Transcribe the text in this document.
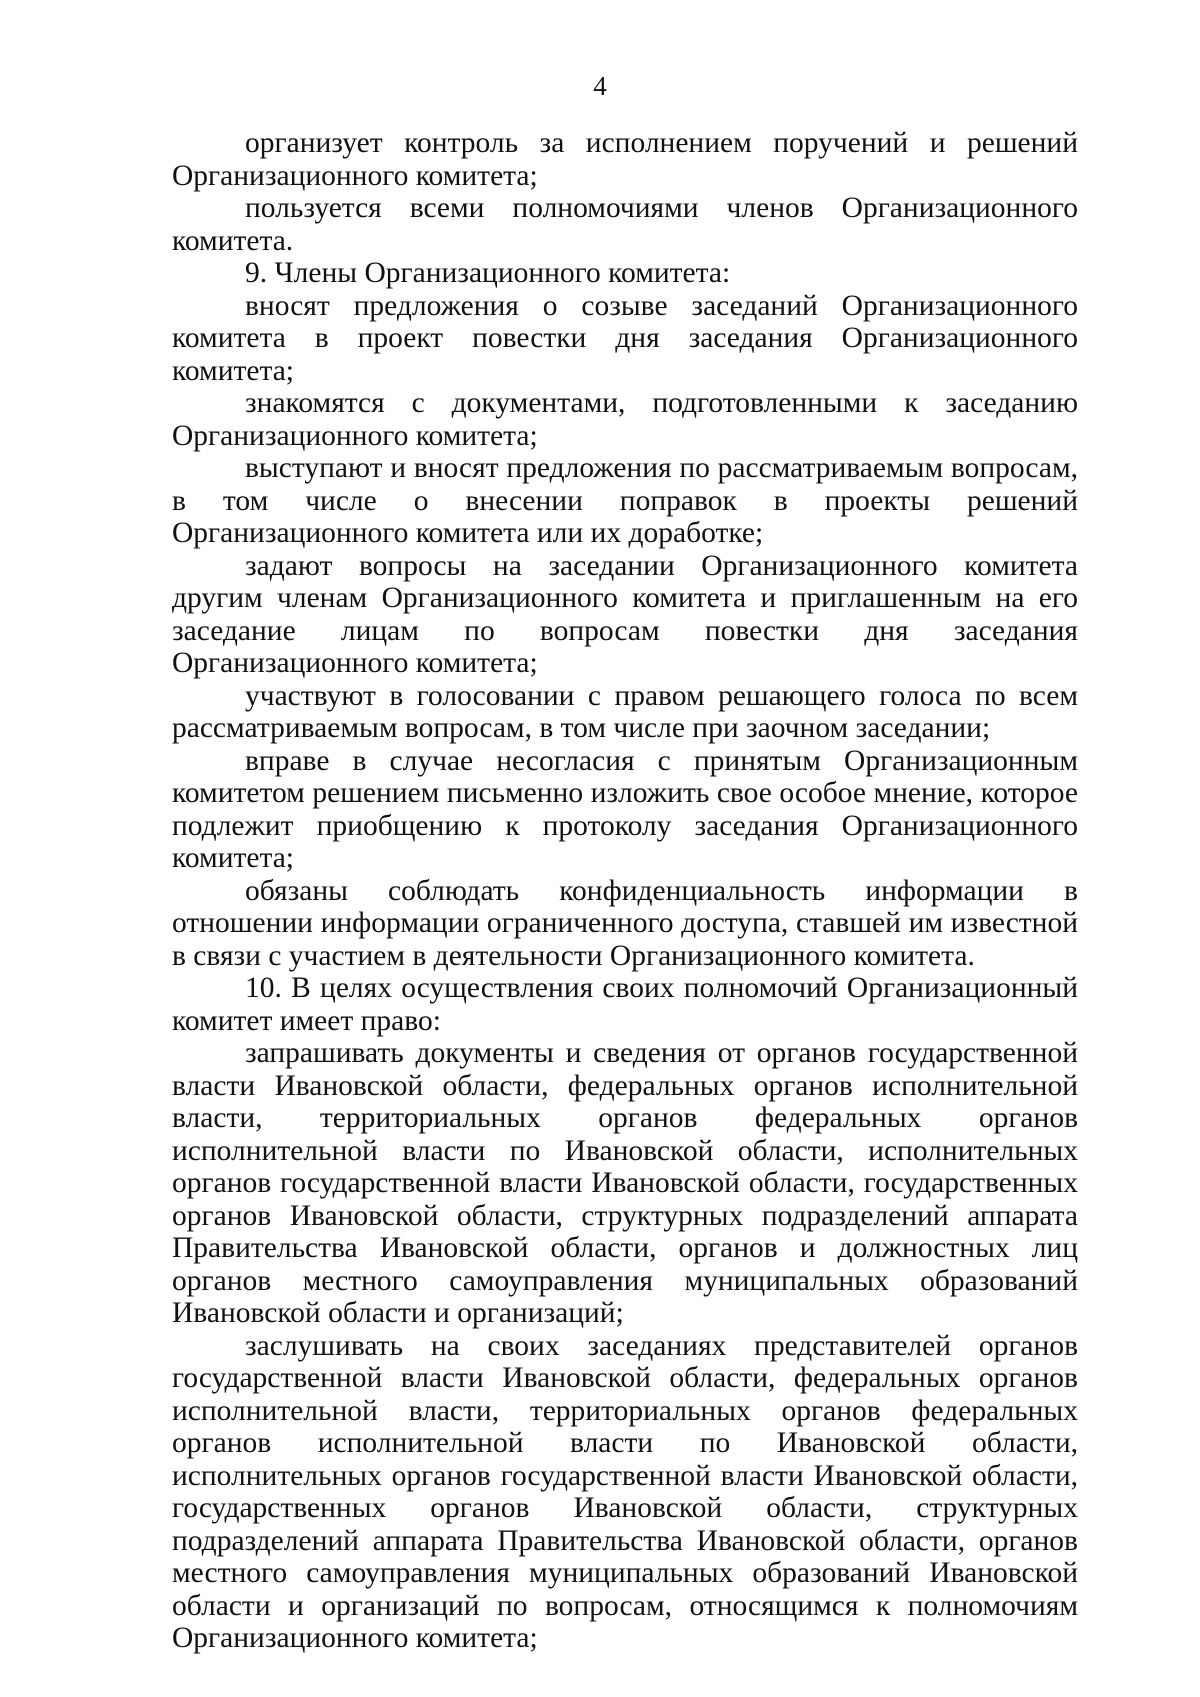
4

организует контроль за исполнением поручений и решений Организационного комитета;

пользуется всеми полномочиями членов Организационного комитета.

9. Члены Организационного комитета:

вносят предложения о созыве заседаний Организационного комитета в проект повестки дня заседания Организационного комитета;

знакомятся с документами, подготовленными к заседанию Организационного комитета;

выступают и вносят предложения по рассматриваемым вопросам, в том числе о внесении поправок в проекты решений Организационного комитета или их доработке;

задают вопросы на заседании Организационного комитета другим членам Организационного комитета и приглашенным на его заседание лицам по вопросам повестки дня заседания Организационного комитета;

участвуют в голосовании с правом решающего голоса по всем рассматриваемым вопросам, в том числе при заочном заседании;

вправе в случае несогласия с принятым Организационным комитетом решением письменно изложить свое особое мнение, которое подлежит приобщению к протоколу заседания Организационного комитета;

обязаны соблюдать конфиденциальность информации в отношении информации ограниченного доступа, ставшей им известной в связи с участием в деятельности Организационного комитета.

10. В целях осуществления своих полномочий Организационный комитет имеет право:

запрашивать документы и сведения от органов государственной власти Ивановской области, федеральных органов исполнительной власти, территориальных органов федеральных органов исполнительной власти по Ивановской области, исполнительных органов государственной власти Ивановской области, государственных органов Ивановской области, структурных подразделений аппарата Правительства Ивановской области, органов и должностных лиц органов местного самоуправления муниципальных образований Ивановской области и организаций;

заслушивать на своих заседаниях представителей органов государственной власти Ивановской области, федеральных органов исполнительной власти, территориальных органов федеральных органов исполнительной власти по Ивановской области, исполнительных органов государственной власти Ивановской области, государственных органов Ивановской области, структурных подразделений аппарата Правительства Ивановской области, органов местного самоуправления муниципальных образований Ивановской области и организаций по вопросам, относящимся к полномочиям Организационного комитета;
